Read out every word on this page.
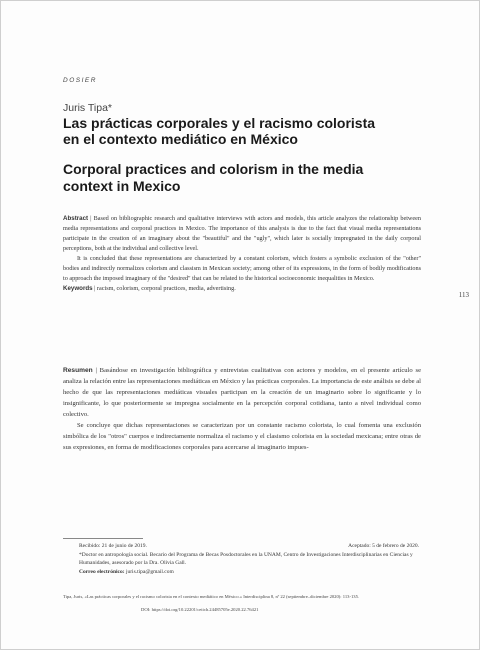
DOSIER
Juris Tipa*
Las prácticas corporales y el racismo colorista
en el contexto mediático en México
Corporal practices and colorism in the media
context in Mexico
113

Abstract | Based on bibliographic research and qualitative interviews with actors and models, this article analyzes the relationship between media representations and corporal practices in Mexico. The importance of this analysis is due to the fact that visual media representations participate in the creation of an imaginary about the "beautiful" and the "ugly", which later is socially impregnated in the daily corporal perceptions, both at the individual and collective level.

It is concluded that these representations are characterized by a constant colorism, which fosters a symbolic exclusion of the "other" bodies and indirectly normalizes colorism and classism in Mexican society; among other of its expressions, in the form of bodily modifications to approach the imposed imaginary of the "desired" that can be related to the historical socioeconomic inequalities in Mexico.

Keywords | racism, colorism, corporal practices, media, advertising.

Resumen | Basándose en investigación bibliográfica y entrevistas cualitativas con actores y modelos, en el presente artículo se analiza la relación entre las representaciones mediáticas en México y las prácticas corporales. La importancia de este análisis se debe al hecho de que las representaciones mediáticas visuales participan en la creación de un imaginario sobre lo significante y lo insignificante, lo que posteriormente se impregna socialmente en la percepción corporal cotidiana, tanto a nivel individual como colectivo.

Se concluye que dichas representaciones se caracterizan por un constante racismo colorista, lo cual fomenta una exclusión simbólica de los "otros" cuerpos e indirectamente normaliza el racismo y el clasismo colorista en la sociedad mexicana; entre otras de sus expresiones, en forma de modificaciones corporales para acercarse al imaginario impues-

Recibido: 21 de junio de 2019.	Aceptado: 5 de febrero de 2020.
*Doctor en antropología social. Becario del Programa de Becas Posdoctorales en la UNAM, Centro de Investigaciones Interdisciplinarias en Ciencias y Humanidades, asesorado por la Dra. Olivia Gall.
Correo electrónico: juris.tipa@gmail.com
Tipa, Juris, «Las prácticas corporales y el racismo colorista en el contexto mediático en México.» Interdisciplina 8, nº 22 (septiembre–diciembre 2020): 113-135.
DOI: https://doi.org/10.22201/ceiich.24485705e.2020.22.76421
